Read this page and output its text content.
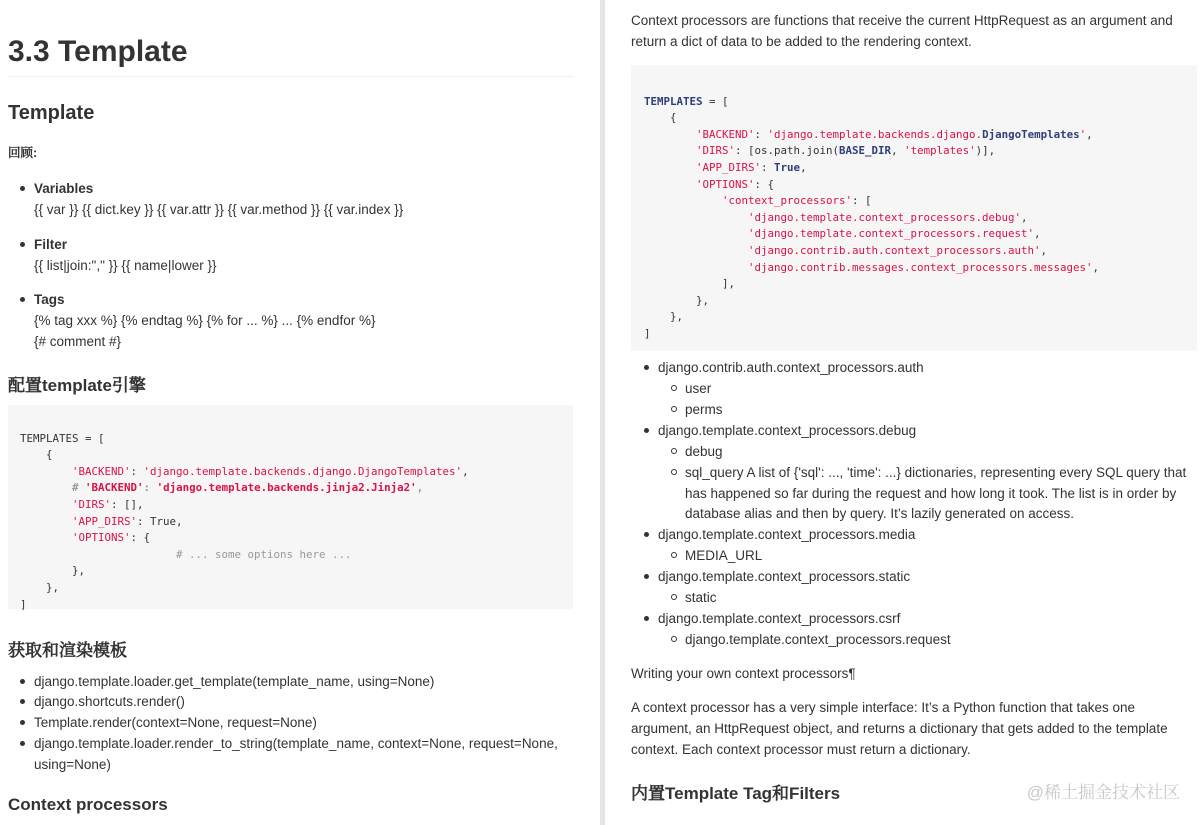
3.3 Template
Template
回顾:
Variables
{{ var }} {{ dict.key }} {{ var.attr }} {{ var.method }} {{ var.index }}
Filter
{{ list|join:"," }} {{ name|lower }}
Tags
{% tag xxx %} {% endtag %} {% for ... %} ... {% endfor %}
{# comment #}
配置template引擎

TEMPLATES = [
{
'BACKEND': 'django.template.backends.django.DjangoTemplates',
# 'BACKEND': 'django.template.backends.jinja2.Jinja2',
'DIRS': [],
'APP_DIRS': True,
'OPTIONS': {
# ... some options here ...
},
},
]
获取和渲染模板
django.template.loader.get_template(template_name, using=None)
django.shortcuts.render()
Template.render(context=None, request=None)
django.template.loader.render_to_string(template_name, context=None, request=None,
using=None)
Context processors
Context processors are functions that receive the current HttpRequest as an argument and
return a dict of data to be added to the rendering context.

TEMPLATES = [
{
'BACKEND': 'django.template.backends.django.DjangoTemplates',
'DIRS': [os.path.join(BASE_DIR, 'templates')],
'APP_DIRS': True,
'OPTIONS': {
'context_processors': [
'django.template.context_processors.debug',
'django.template.context_processors.request',
'django.contrib.auth.context_processors.auth',
'django.contrib.messages.context_processors.messages',
],
},
},
]
django.contrib.auth.context_processors.auth
user
perms
django.template.context_processors.debug
debug
sql_query A list of {'sql': ..., 'time': ...} dictionaries, representing every SQL query that
has happened so far during the request and how long it took. The list is in order by
database alias and then by query. It’s lazily generated on access.
django.template.context_processors.media
MEDIA_URL
django.template.context_processors.static
static
django.template.context_processors.csrf
django.template.context_processors.request
Writing your own context processors¶
A context processor has a very simple interface: It’s a Python function that takes one
argument, an HttpRequest object, and returns a dictionary that gets added to the template
context. Each context processor must return a dictionary.
内置Template Tag和Filters	@稀土掘金技术社区
